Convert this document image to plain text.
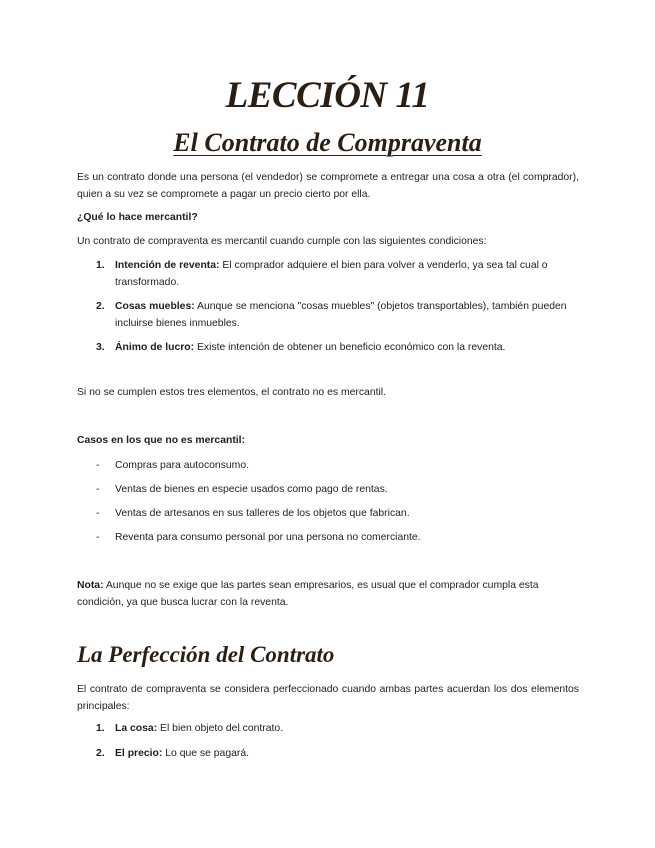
LECCIÓN 11
El Contrato de Compraventa

Es un contrato donde una persona (el vendedor) se compromete a entregar una cosa a otra (el comprador), quien a su vez se compromete a pagar un precio cierto por ella.

¿Qué lo hace mercantil?

Un contrato de compraventa es mercantil cuando cumple con las siguientes condiciones:

1. Intención de reventa: El comprador adquiere el bien para volver a venderlo, ya sea tal cual o transformado.
2. Cosas muebles: Aunque se menciona "cosas muebles" (objetos transportables), también pueden incluirse bienes inmuebles.
3. Ánimo de lucro: Existe intención de obtener un beneficio económico con la reventa.

Si no se cumplen estos tres elementos, el contrato no es mercantil.

Casos en los que no es mercantil:

- Compras para autoconsumo.
- Ventas de bienes en especie usados como pago de rentas.
- Ventas de artesanos en sus talleres de los objetos que fabrican.
- Reventa para consumo personal por una persona no comerciante.

Nota: Aunque no se exige que las partes sean empresarios, es usual que el comprador cumpla esta condición, ya que busca lucrar con la reventa.

La Perfección del Contrato

El contrato de compraventa se considera perfeccionado cuando ambas partes acuerdan los dos elementos principales:

1. La cosa: El bien objeto del contrato.
2. El precio: Lo que se pagará.
